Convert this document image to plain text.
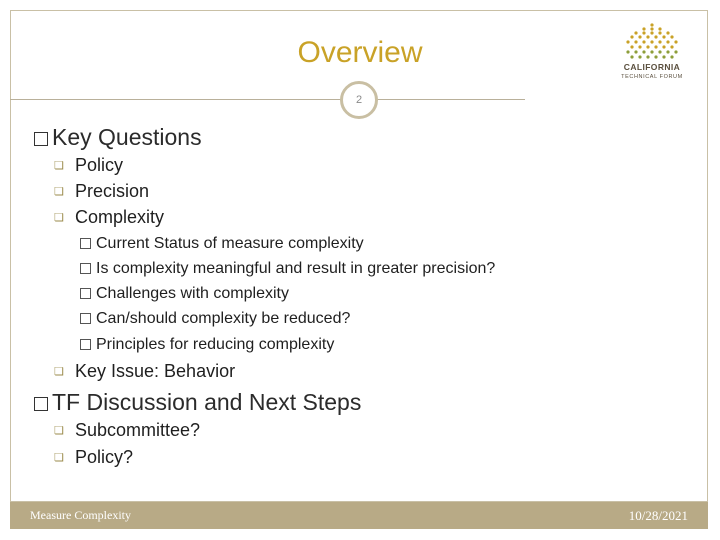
Overview
2
CALIFORNIA
TECHNICAL FORUM
Key Questions
❏ Policy
❏ Precision
❏ Complexity
Current Status of measure complexity
Is complexity meaningful and result in greater precision?
Challenges with complexity
Can/should complexity be reduced?
Principles for reducing complexity
❏ Key Issue: Behavior
TF Discussion and Next Steps
❏ Subcommittee?
❏ Policy?
Measure Complexity	10/28/2021
